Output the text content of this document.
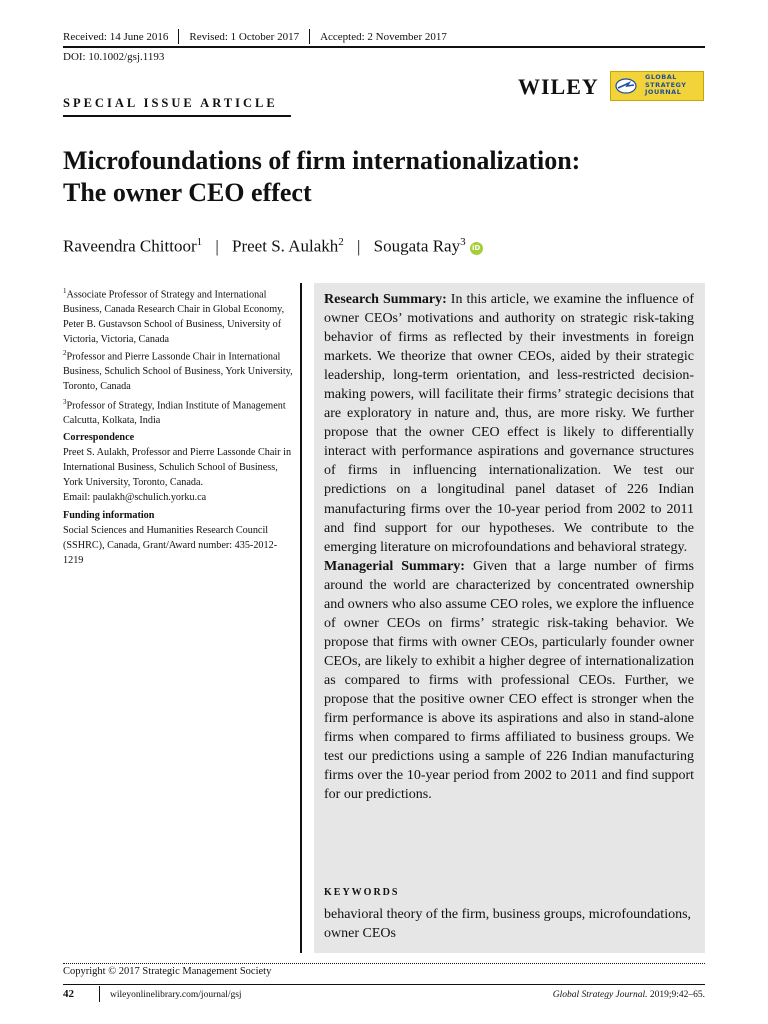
Received: 14 June 2016 Revised: 1 October 2017 Accepted: 2 November 2017
DOI: 10.1002/gsj.1193
WILEY	GLOBAL
STRATEGY
JOURNAL
SPECIAL ISSUE ARTICLE
Microfoundations of firm internationalization:
The owner CEO effect
Raveendra Chittoor$^1$ | Preet S. Aulakh$^2$ | Sougata Ray$^3$ iD
$^1$Associate Professor of Strategy and International Business, Canada Research Chair in Global Economy, Peter B. Gustavson School of Business, University of Victoria, Victoria, Canada
$^2$Professor and Pierre Lassonde Chair in International Business, Schulich School of Business, York University, Toronto, Canada
$^3$Professor of Strategy, Indian Institute of Management Calcutta, Kolkata, India
Correspondence
Preet S. Aulakh, Professor and Pierre Lassonde Chair in International Business, Schulich School of Business, York University, Toronto, Canada.
Email: paulakh@schulich.yorku.ca
Funding information
Social Sciences and Humanities Research Council (SSHRC), Canada, Grant/Award number: 435-2012-1219
Research Summary: In this article, we examine the influence of owner CEOs’ motivations and authority on strategic risk-taking behavior of firms as reflected by their investments in foreign markets. We theorize that owner CEOs, aided by their strategic leadership, long-term orientation, and less-restricted decision-making powers, will facilitate their firms’ strategic decisions that are exploratory in nature and, thus, are more risky. We further propose that the owner CEO effect is likely to differentially interact with performance aspirations and governance structures of firms in influencing internationalization. We test our predictions on a longitudinal panel dataset of 226 Indian manufacturing firms over the 10-year period from 2002 to 2011 and find support for our hypotheses. We contribute to the emerging literature on microfoundations and behavioral strategy.
Managerial Summary: Given that a large number of firms around the world are characterized by concentrated ownership and owners who also assume CEO roles, we explore the influence of owner CEOs on firms’ strategic risk-taking behavior. We propose that firms with owner CEOs, particularly founder owner CEOs, are likely to exhibit a higher degree of internationalization as compared to firms with professional CEOs. Further, we propose that the positive owner CEO effect is stronger when the firm performance is above its aspirations and also in stand-alone firms when compared to firms affiliated to business groups. We test our predictions using a sample of 226 Indian manufacturing firms over the 10-year period from 2002 to 2011 and find support for our predictions.
KEYWORDS
behavioral theory of the firm, business groups, microfoundations, owner CEOs
Copyright © 2017 Strategic Management Society
42	wileyonlinelibrary.com/journal/gsj	Global Strategy Journal. 2019;9:42–65.
